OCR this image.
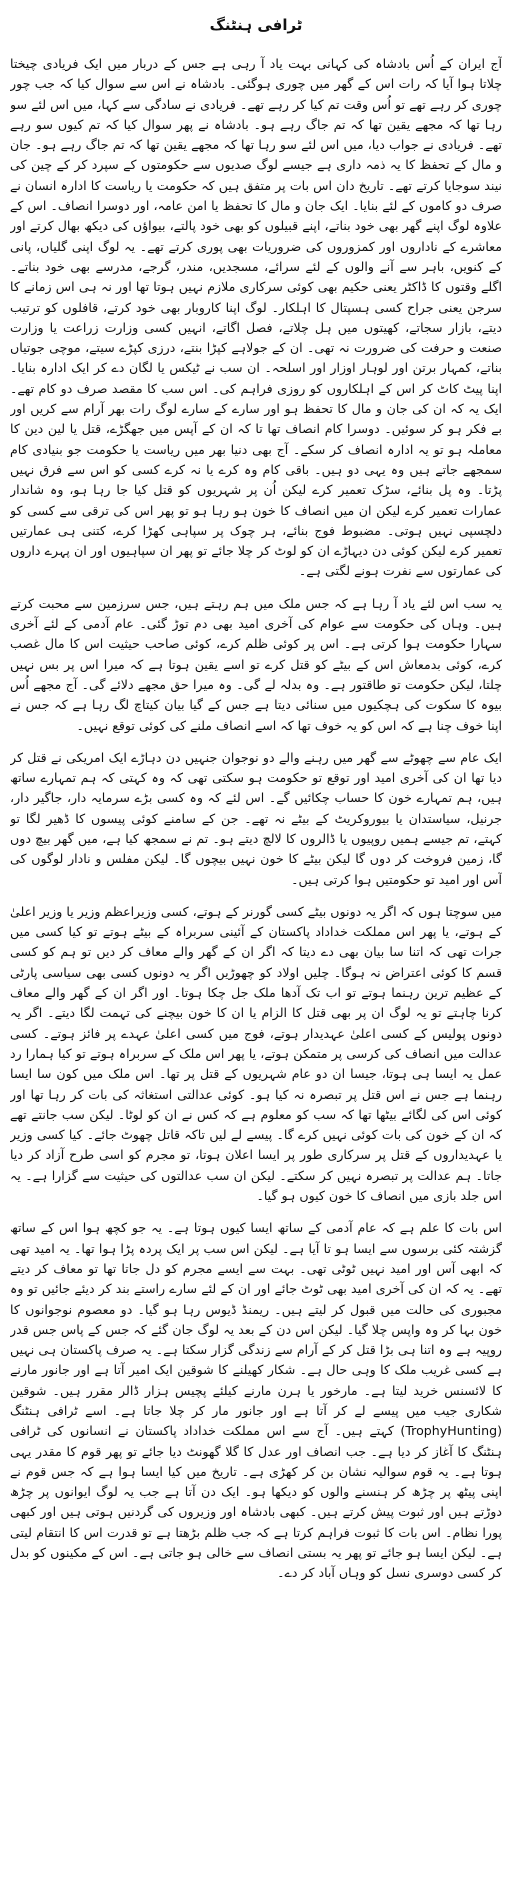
ٹرافی ہنٹنگ

آج ایران کے اُس بادشاہ کی کہانی بہت یاد آ رہی ہے جس کے دربار میں ایک فریادی چیختا چلاتا ہوا آیا کہ رات اس کے گھر میں چوری ہوگئی۔ بادشاہ نے اس سے سوال کیا کہ جب چور چوری کر رہے تھے تو اُس وقت تم کیا کر رہے تھے۔ فریادی نے سادگی سے کہا، میں اس لئے سو رہا تھا کہ مجھے یقین تھا کہ تم جاگ رہے ہو۔ بادشاہ نے پھر سوال کیا کہ تم کیوں سو رہے تھے۔ فریادی نے جواب دیا، میں اس لئے سو رہا تھا کہ مجھے یقین تھا کہ تم جاگ رہے ہو۔ جان و مال کے تحفظ کا یہ ذمہ داری ہے جیسے لوگ صدیوں سے حکومتوں کے سپرد کر کے چین کی نیند سوجایا کرتے تھے۔ تاریخ دان اس بات پر متفق ہیں کہ حکومت یا ریاست کا ادارہ انسان نے صرف دو کاموں کے لئے بنایا۔ ایک جان و مال کا تحفظ یا امن عامہ، اور دوسرا انصاف۔ اس کے علاوہ لوگ اپنے گھر بھی خود بناتے، اپنے قبیلوں کو بھی خود پالتے، بیواؤں کی دیکھ بھال کرتے اور معاشرے کے ناداروں اور کمزوروں کی ضروریات بھی پوری کرتے تھے۔ یہ لوگ اپنی گلیاں، پانی کے کنویں، باہر سے آنے والوں کے لئے سرائے، مسجدیں، مندر، گرجے، مدرسے بھی خود بناتے۔ اگلے وقتوں کا ڈاکٹر یعنی حکیم بھی کوئی سرکاری ملازم نہیں ہوتا تھا اور نہ ہی اس زمانے کا سرجن یعنی جراح کسی ہسپتال کا اہلکار۔ لوگ اپنا کاروبار بھی خود کرتے، قافلوں کو ترتیب دیتے، بازار سجاتے، کھیتوں میں ہل چلاتے، فصل اگاتے، انہیں کسی وزارت زراعت یا وزارت صنعت و حرفت کی ضرورت نہ تھی۔ ان کے جولاہے کپڑا بنتے، درزی کپڑے سیتے، موچی جوتیاں بناتے، کمہار برتن اور لوہار اوزار اور اسلحہ۔ ان سب نے ٹیکس یا لگان دے کر ایک ادارہ بنایا۔ اپنا پیٹ کاٹ کر اس کے اہلکاروں کو روزی فراہم کی۔ اس سب کا مقصد صرف دو کام تھے۔ ایک یہ کہ ان کی جان و مال کا تحفظ ہو اور سارے کے سارے لوگ رات بھر آرام سے کریں اور بے فکر ہو کر سوئیں۔ دوسرا کام انصاف تھا تا کہ ان کے آپس میں جھگڑے، قتل یا لین دین کا معاملہ ہو تو یہ ادارہ انصاف کر سکے۔ آج بھی دنیا بھر میں ریاست یا حکومت جو بنیادی کام سمجھے جاتے ہیں وہ یہی دو ہیں۔ باقی کام وہ کرے یا نہ کرے کسی کو اس سے فرق نہیں پڑتا۔ وہ پل بنائے، سڑک تعمیر کرے لیکن اُن پر شہریوں کو قتل کیا جا رہا ہو، وہ شاندار عمارات تعمیر کرے لیکن ان میں انصاف کا خون ہو رہا ہو تو پھر اس کی ترقی سے کسی کو دلچسپی نہیں ہوتی۔ مضبوط فوج بنائے، ہر چوک پر سپاہی کھڑا کرے، کتنی ہی عمارتیں تعمیر کرے لیکن کوئی دن دیہاڑے ان کو لوٹ کر چلا جائے تو پھر ان سپاہیوں اور ان پہرے داروں کی عمارتوں سے نفرت ہونے لگتی ہے۔

یہ سب اس لئے یاد آ رہا ہے کہ جس ملک میں ہم رہتے ہیں، جس سرزمین سے محبت کرتے ہیں۔ وہاں کی حکومت سے عوام کی آخری امید بھی دم توڑ گئی۔ عام آدمی کے لئے آخری سہارا حکومت ہوا کرتی ہے۔ اس پر کوئی ظلم کرے، کوئی صاحب حیثیت اس کا مال غصب کرے، کوئی بدمعاش اس کے بیٹے کو قتل کرے تو اسے یقین ہوتا ہے کہ میرا اس پر بس نہیں چلتا، لیکن حکومت تو طاقتور ہے۔ وہ بدلہ لے گی۔ وہ میرا حق مجھے دلائے گی۔ آج مجھے اُس بیوہ کا سکوت کی ہچکیوں میں سنائی دیتا ہے جس کے گیا بیان کیتاچ لگ رہا ہے کہ جس نے اپنا خوف چنا ہے کہ اس کو یہ خوف تھا کہ اسے انصاف ملنے کی کوئی توقع نہیں۔

ایک عام سے چھوٹے سے گھر میں رہنے والے دو نوجوان جنہیں دن دہاڑے ایک امریکی نے قتل کر دیا تھا ان کی آخری امید اور توقع تو حکومت ہو سکتی تھی کہ وہ کہتی کہ ہم تمہارے ساتھ ہیں، ہم تمہارے خون کا حساب چکائیں گے۔ اس لئے کہ وہ کسی بڑے سرمایہ دار، جاگیر دار، جرنیل، سیاستدان یا بیوروکریٹ کے بیٹے نہ تھے۔ جن کے سامنے کوئی پیسوں کا ڈھیر لگا تو کہتے، تم جیسے ہمیں روپیوں یا ڈالروں کا لالچ دیتے ہو۔ تم نے سمجھ کیا ہے، میں گھر بیچ دوں گا، زمین فروخت کر دوں گا لیکن بیٹے کا خون نہیں بیچوں گا۔ لیکن مفلس و نادار لوگوں کی آس اور امید تو حکومتیں ہوا کرتی ہیں۔

میں سوچتا ہوں کہ اگر یہ دونوں بیٹے کسی گورنر کے ہوتے، کسی وزیراعظم وزیر یا وزیر اعلیٰ کے ہوتے، یا پھر اس مملکت خداداد پاکستان کے آئینی سربراہ کے بیٹے ہوتے تو کیا کسی میں جرات تھی کہ اتنا سا بیان بھی دے دیتا کہ اگر ان کے گھر والے معاف کر دیں تو ہم کو کسی قسم کا کوئی اعتراض نہ ہوگا۔ چلیں اولاد کو چھوڑیں اگر یہ دونوں کسی بھی سیاسی پارٹی کے عظیم ترین رہنما ہوتے تو اب تک آدھا ملک جل چکا ہوتا۔ اور اگر ان کے گھر والے معاف کرنا چاہتے تو یہ لوگ ان پر بھی قتل کا الزام یا ان کا خون بیچنے کی تہمت لگا دیتے۔ اگر یہ دونوں پولیس کے کسی اعلیٰ عہدیدار ہوتے، فوج میں کسی اعلیٰ عہدے پر فائز ہوتے۔ کسی عدالت میں انصاف کی کرسی پر متمکن ہوتے، یا پھر اس ملک کے سربراہ ہوتے تو کیا ہمارا رد عمل یہ ایسا ہی ہوتا، جیسا ان دو عام شہریوں کے قتل پر تھا۔ اس ملک میں کون سا ایسا رہنما ہے جس نے اس قتل پر تبصرہ نہ کیا ہو۔ کوئی عدالتی استغاثہ کی بات کر رہا تھا اور کوئی اس کی لگائے بیٹھا تھا کہ سب کو معلوم ہے کہ کس نے ان کو لوٹا۔ لیکن سب جانتے تھے کہ ان کے خون کی بات کوئی نہیں کرے گا۔ پیسے لے لیں تاکہ قاتل چھوٹ جائے۔ کیا کسی وزیر یا عہدیداروں کے قتل پر سرکاری طور پر ایسا اعلان ہوتا، تو مجرم کو اسی طرح آزاد کر دیا جاتا۔ ہم عدالت پر تبصرہ نہیں کر سکتے۔ لیکن ان سب عدالتوں کی حیثیت سے گزارا ہے۔ یہ اس جلد بازی میں انصاف کا خون کیوں ہو گیا۔

اس بات کا علم ہے کہ عام آدمی کے ساتھ ایسا کیوں ہوتا ہے۔ یہ جو کچھ ہوا اس کے ساتھ گزشتہ کئی برسوں سے ایسا ہو تا آیا ہے۔ لیکن اس سب پر ایک پردہ پڑا ہوا تھا۔ یہ امید تھی کہ ابھی آس اور امید نہیں ٹوٹی تھی۔ بہت سے ایسے مجرم کو دل جاتا تھا تو معاف کر دیتے تھے۔ یہ کہ ان کی آخری امید بھی ٹوٹ جائے اور ان کے لئے سارے راستے بند کر دیئے جائیں تو وہ مجبوری کی حالت میں قبول کر لیتے ہیں۔ ریمنڈ ڈیوس رہا ہو گیا۔ دو معصوم نوجوانوں کا خون بہا کر وہ واپس چلا گیا۔ لیکن اس دن کے بعد یہ لوگ جان گئے کہ جس کے پاس جس قدر روپیہ ہے وہ اتنا ہی بڑا قتل کر کے آرام سے زندگی گزار سکتا ہے۔ یہ صرف پاکستان ہی نہیں ہے کسی غریب ملک کا وہی حال ہے۔ شکار کھیلنے کا شوقین ایک امیر آتا ہے اور جانور مارنے کا لائسنس خرید لیتا ہے۔ مارخور یا ہرن مارنے کیلئے پچیس ہزار ڈالر مقرر ہیں۔ شوقین شکاری جیب میں پیسے لے کر آتا ہے اور جانور مار کر چلا جاتا ہے۔ اسے ٹرافی ہنٹنگ (TrophyHunting) کہتے ہیں۔ آج سے اس مملکت خداداد پاکستان نے انسانوں کی ٹرافی ہنٹنگ کا آغاز کر دیا ہے۔ جب انصاف اور عدل کا گلا گھونٹ دیا جائے تو پھر قوم کا مقدر یہی ہوتا ہے۔ یہ قوم سوالیہ نشان بن کر کھڑی ہے۔ تاریخ میں کیا ایسا ہوا ہے کہ جس قوم نے اپنی پیٹھ پر چڑھ کر ہنسنے والوں کو دیکھا ہو۔ ایک دن آتا ہے جب یہ لوگ ایوانوں پر چڑھ دوڑتے ہیں اور ثبوت پیش کرتے ہیں۔ کبھی بادشاہ اور وزیروں کی گردنیں ہوتی ہیں اور کبھی پورا نظام۔ اس بات کا ثبوت فراہم کرتا ہے کہ جب ظلم بڑھتا ہے تو قدرت اس کا انتقام لیتی ہے۔ لیکن ایسا ہو جائے تو پھر یہ بستی انصاف سے خالی ہو جاتی ہے۔ اس کے مکینوں کو بدل کر کسی دوسری نسل کو وہاں آباد کر دے۔
